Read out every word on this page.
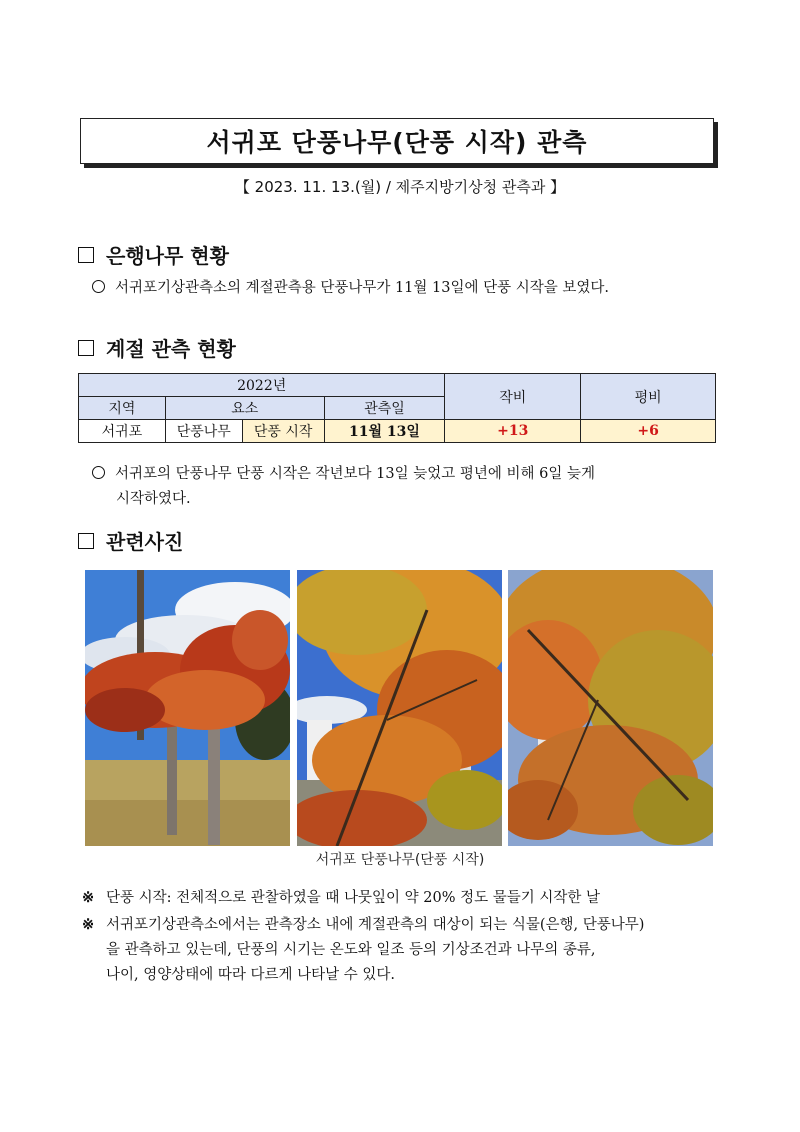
서귀포 단풍나무(단풍 시작) 관측
【 2023. 11. 13.(월) / 제주지방기상청 관측과 】
은행나무 현황
서귀포기상관측소의 계절관측용 단풍나무가 11월 13일에 단풍 시작을 보였다.
계절 관측 현황
2022년				작비	평비
지역	요소		관측일		
서귀포	단풍나무	단풍 시작	11월 13일	+13	+6
서귀포의 단풍나무 단풍 시작은 작년보다 13일 늦었고 평년에 비해 6일 늦게
시작하였다.
관련사진
서귀포 단풍나무(단풍 시작)
※ 단풍 시작: 전체적으로 관찰하였을 때 나뭇잎이 약 20% 정도 물들기 시작한 날
※ 서귀포기상관측소에서는 관측장소 내에 계절관측의 대상이 되는 식물(은행, 단풍나무)
을 관측하고 있는데, 단풍의 시기는 온도와 일조 등의 기상조건과 나무의 종류,
나이, 영양상태에 따라 다르게 나타날 수 있다.
